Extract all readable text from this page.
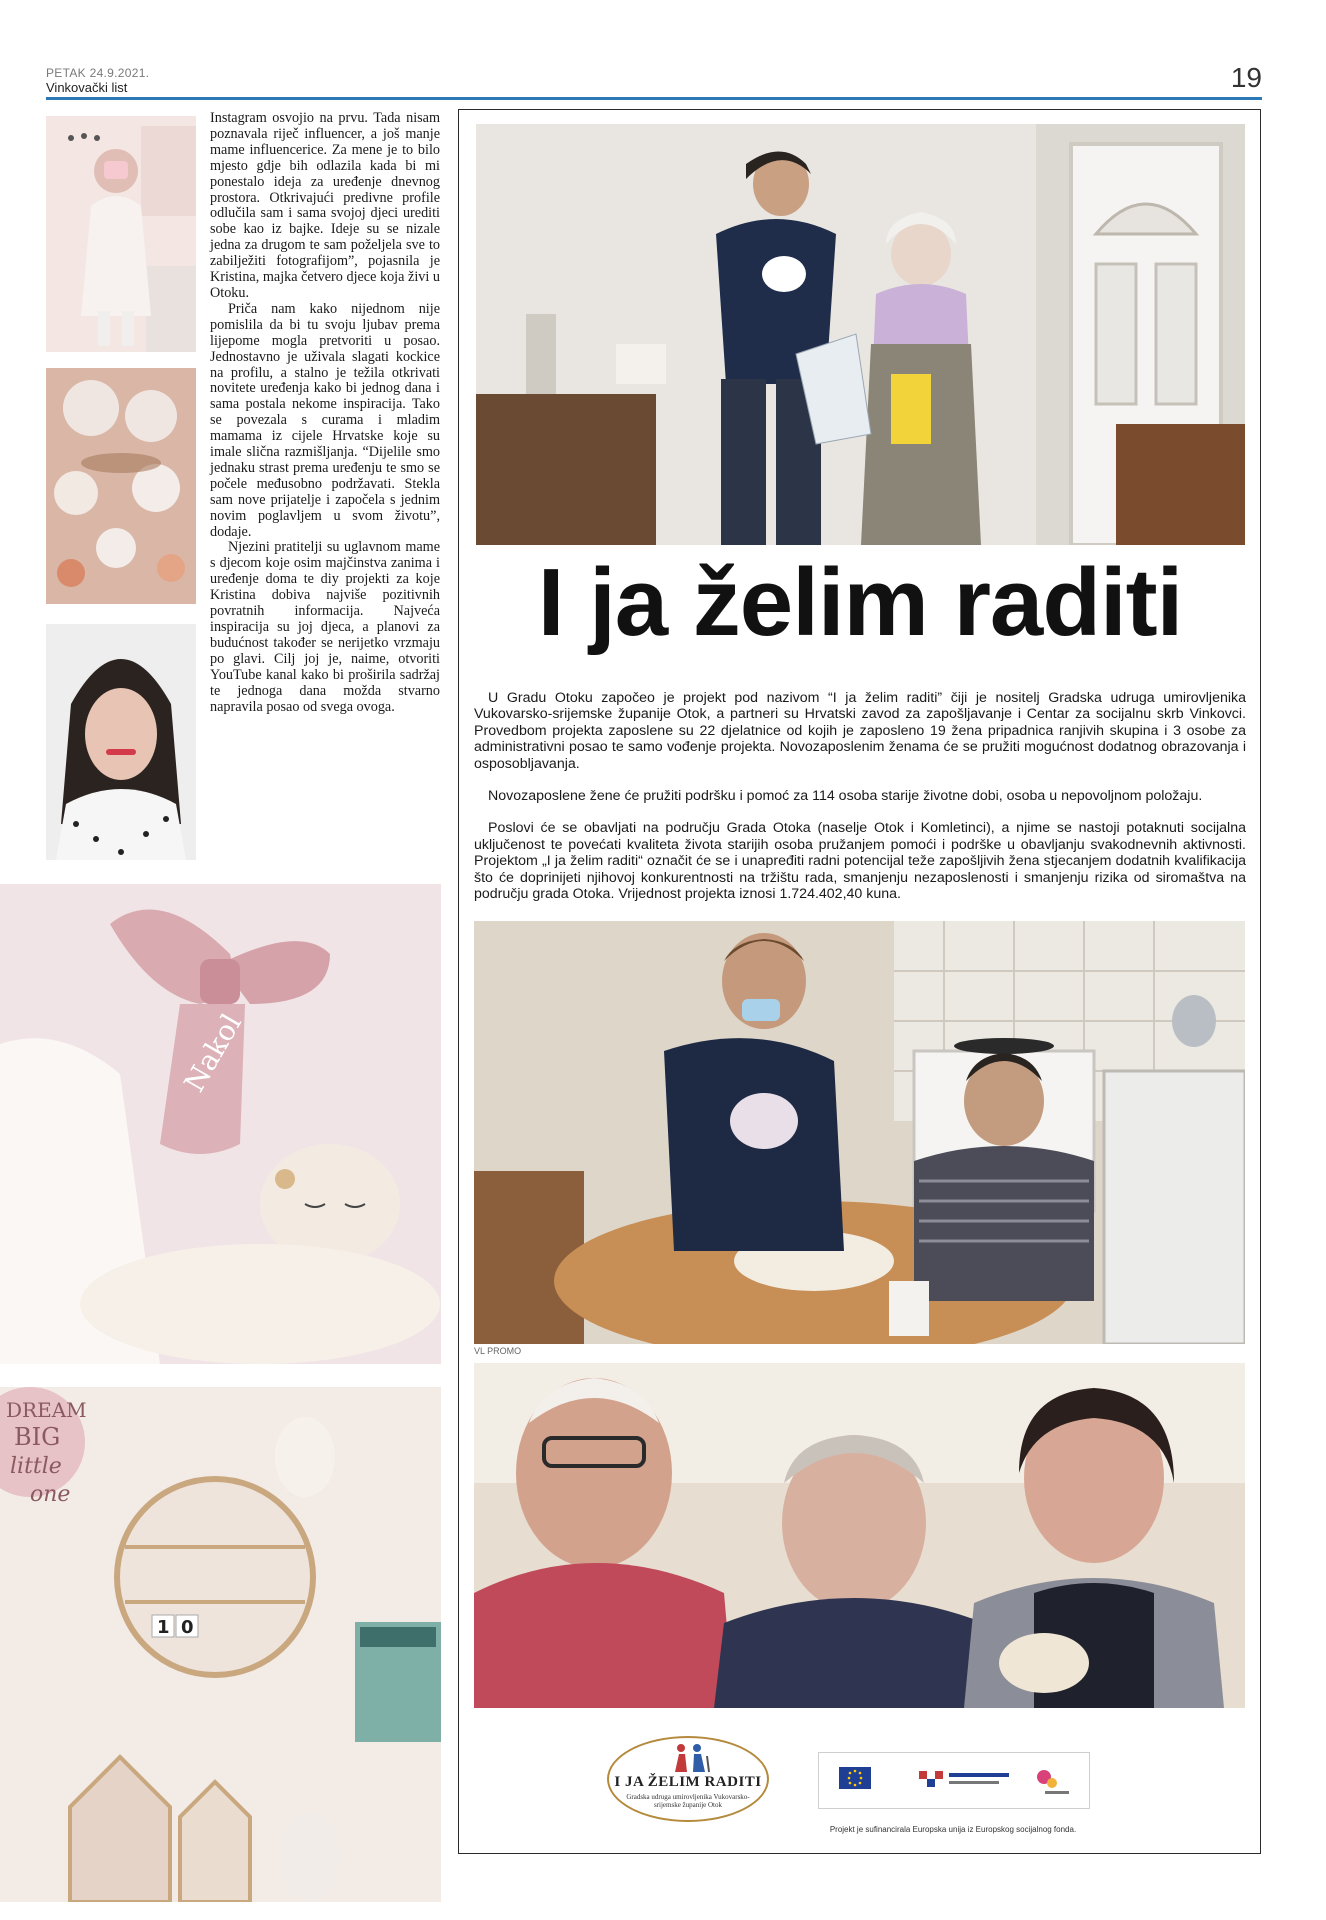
PETAK 24.9.2021.
Vinkovački list	19

Instagram osvojio na prvu. Tada nisam poznavala riječ influencer, a još manje mame influencerice. Za mene je to bilo mjesto gdje bih odlazila kada bi mi ponestalo ideja za uređenje dnevnog prostora. Otkrivajući predivne profile odlučila sam i sama svojoj djeci urediti sobe kao iz bajke. Ideje su se nizale jedna za drugom te sam poželjela sve to zabilježiti fotografijom”, pojasnila je Kristina, majka četvero djece koja živi u Otoku.

Priča nam kako nijednom nije pomislila da bi tu svoju ljubav prema lijepome mogla pretvoriti u posao. Jednostavno je uživala slagati kockice na profilu, a stalno je težila otkrivati novitete uređenja kako bi jednog dana i sama postala nekome inspiracija. Tako se povezala s curama i mladim mamama iz cijele Hrvatske koje su imale slična razmišljanja. “Dijelile smo jednaku strast prema uređenju te smo se počele međusobno podržavati. Stekla sam nove prijatelje i započela s jednim novim poglavljem u svom životu”, dodaje.

Njezini pratitelji su uglavnom mame s djecom koje osim majčinstva zanima i uređenje doma te diy projekti za koje Kristina dobiva najviše pozitivnih povratnih informacija. Najveća inspiracija su joj djeca, a planovi za budućnost također se nerijetko vrzmaju po glavi. Cilj joj je, naime, otvoriti YouTube kanal kako bi proširila sadržaj te jednoga dana možda stvarno napravila posao od svega ovoga.

Nakol
DREAM
BIG
little
one
1 0
I ja želim raditi

U Gradu Otoku započeo je projekt pod nazivom “I ja želim raditi” čiji je nositelj Gradska udruga umirovljenika Vukovarsko-srijemske županije Otok, a partneri su Hrvatski zavod za zapošljavanje i Centar za socijalnu skrb Vinkovci. Provedbom projekta zaposlene su 22 djelatnice od kojih je zaposleno 19 žena pripadnica ranjivih skupina i 3 osobe za administrativni posao te samo vođenje projekta. Novozaposlenim ženama će se pružiti mogućnost dodatnog obrazovanja i osposobljavanja.

Novozaposlene žene će pružiti podršku i pomoć za 114 osoba starije životne dobi, osoba u nepovoljnom položaju.

Poslovi će se obavljati na području Grada Otoka (naselje Otok i Komletinci), a njime se nastoji potaknuti socijalna uključenost te povećati kvaliteta života starijih osoba pružanjem pomoći i podrške u obavljanju svakodnevnih aktivnosti. Projektom „I ja želim raditi“ označit će se i unapređiti radni potencijal teže zapošljivih žena stjecanjem dodatnih kvalifikacija što će doprinijeti njihovoj konkurentnosti na tržištu rada, smanjenju nezaposlenosti i smanjenju rizika od siromaštva na području grada Otoka. Vrijednost projekta iznosi 1.724.402,40 kuna.

VL PROMO
I JA ŽELIM RADITI
Gradska udruga umirovljenika Vukovarsko-srijemske županije Otok
Projekt je sufinancirala Europska unija iz Europskog socijalnog fonda.
